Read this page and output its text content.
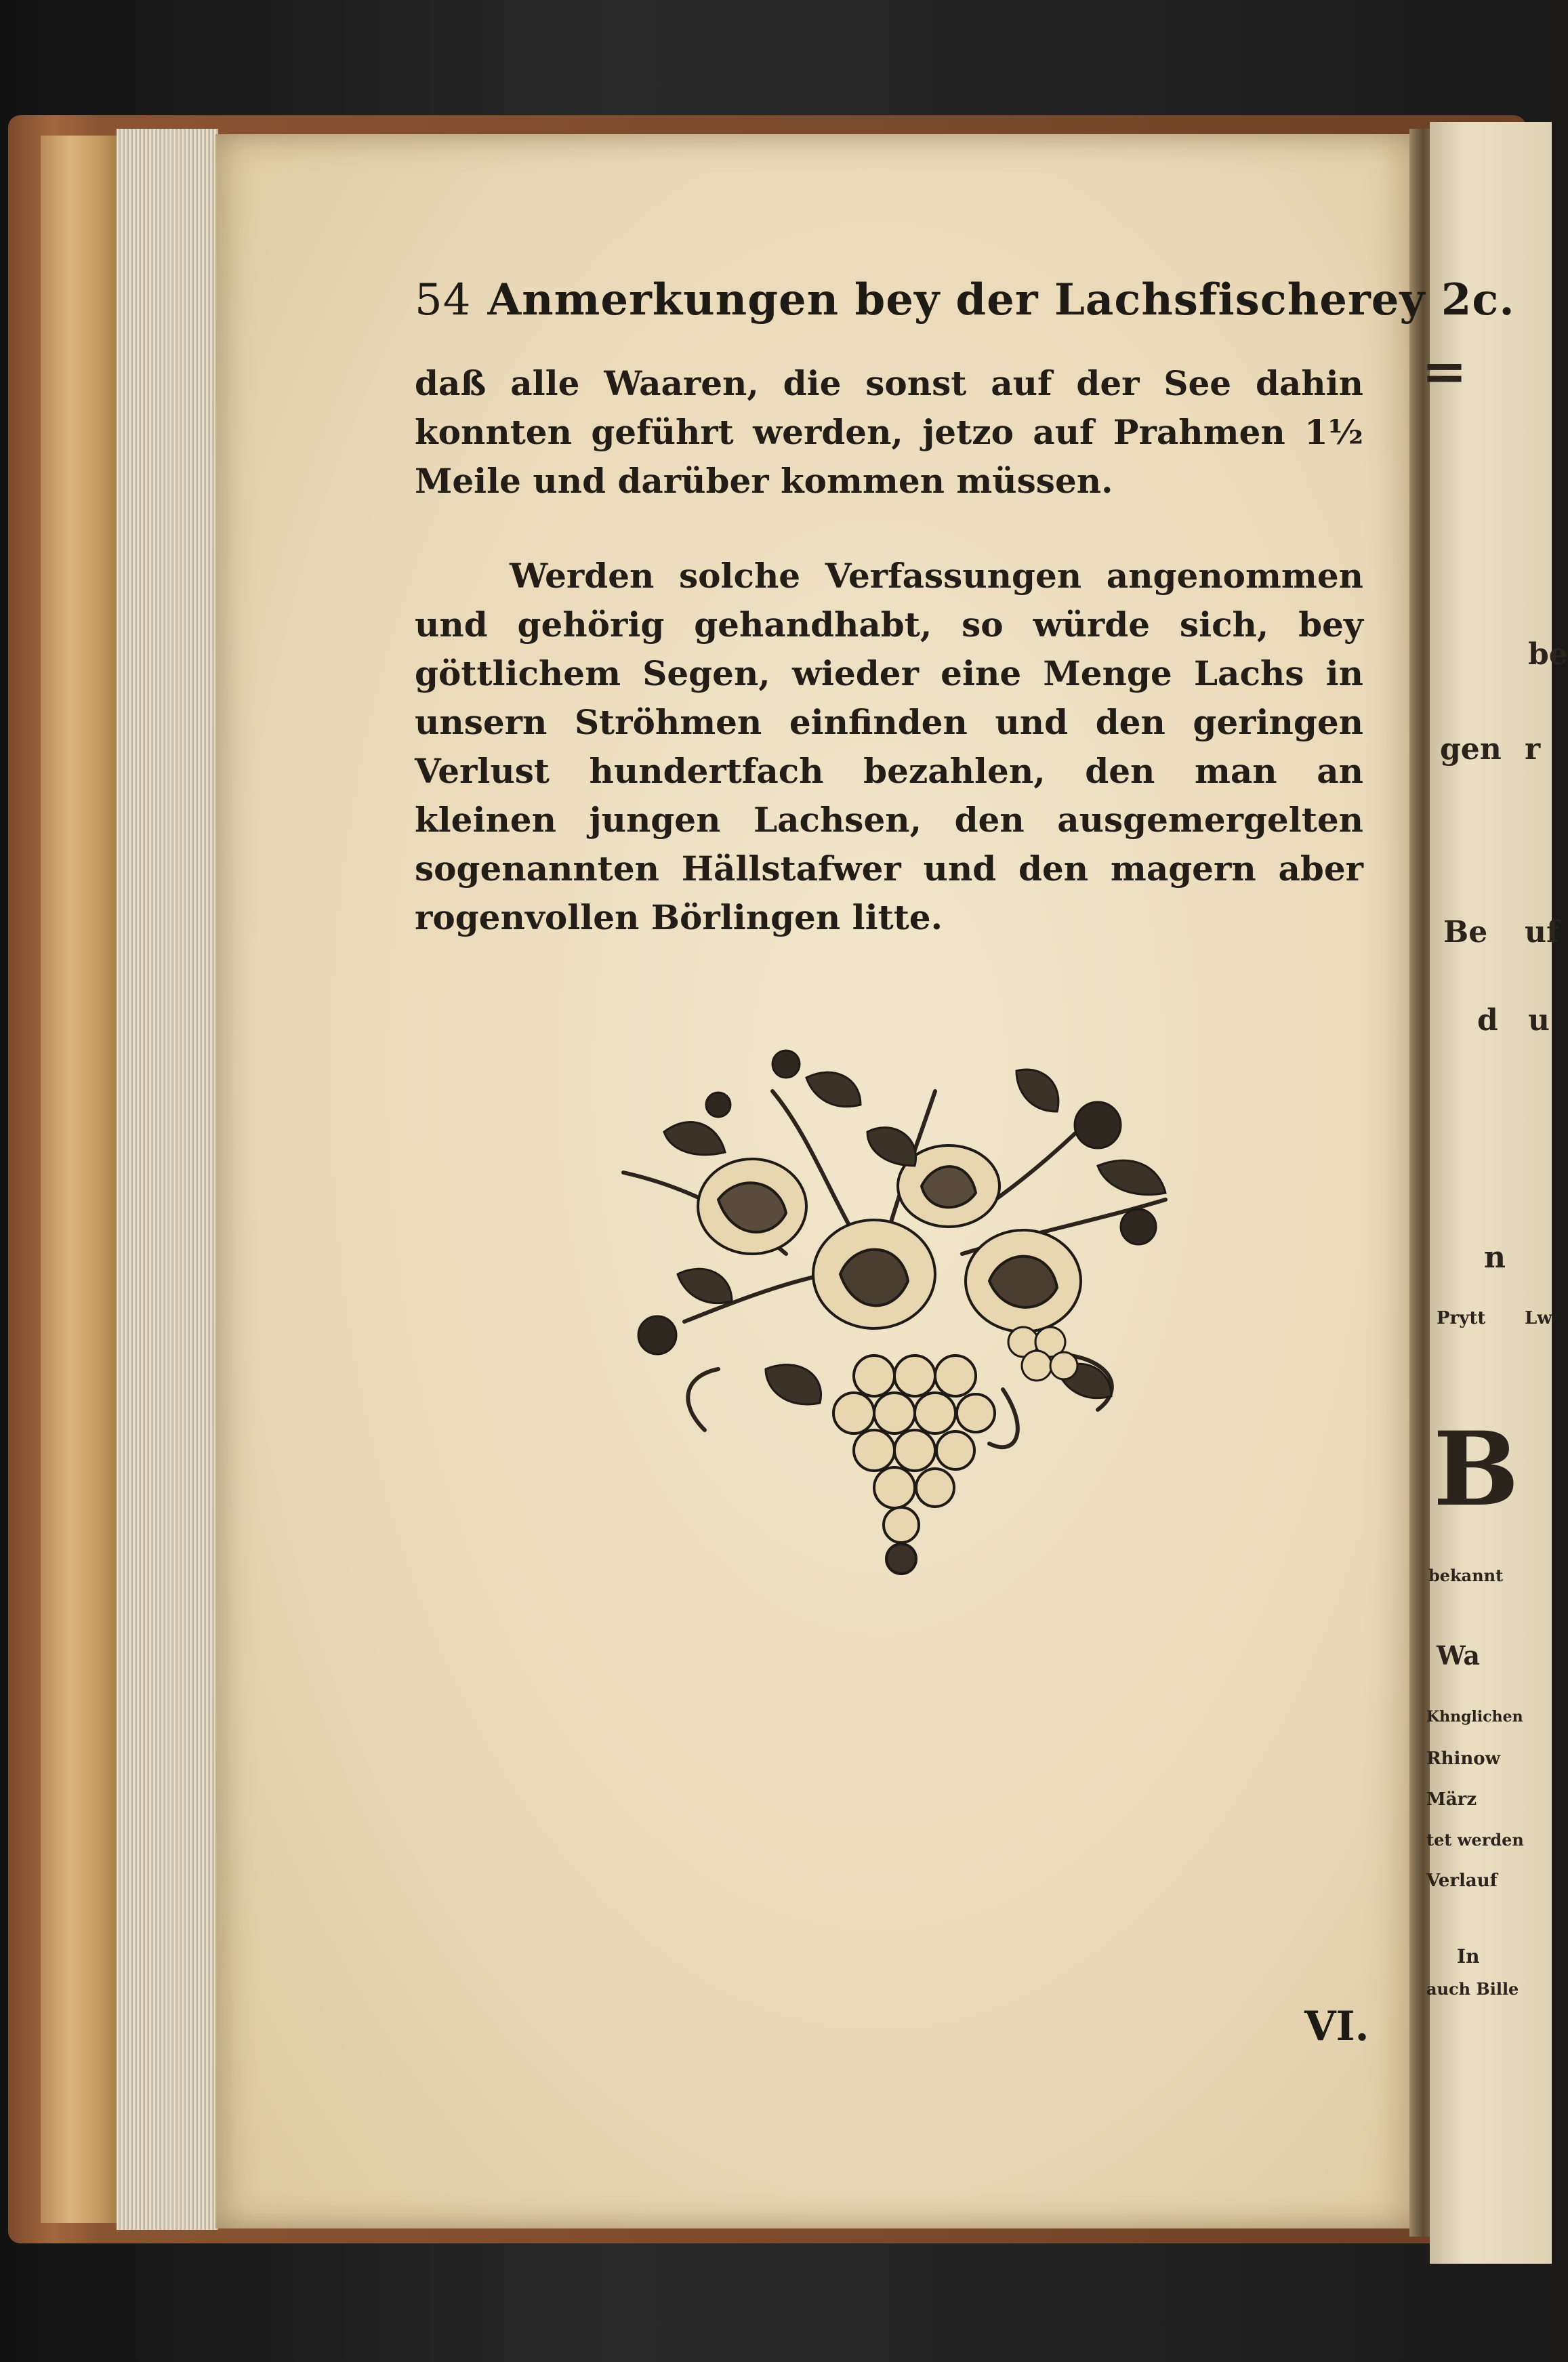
=
be
gen r
Be uf
d u
n
Prytt Lw
B
bekannt
Wa
Khnglichen
Rhinow
März
tet werden
Verlauf
In
auch Bille
54 Anmerkungen bey der Lachsfischerey 2c.

daß alle Waaren, die sonst auf der See dahin konnten geführt werden, jetzo auf Prahmen 1½ Meile und darüber kommen müssen.

Werden solche Verfassungen angenommen und gehörig gehandhabt, so würde sich, bey göttlichem Segen, wieder eine Menge Lachs in unsern Ströhmen einfinden und den geringen Verlust hundertfach bezahlen, den man an kleinen jungen Lachsen, den ausgemergelten sogenannten Hällstafwer und den magern aber rogenvollen Börlingen litte.

VI.
